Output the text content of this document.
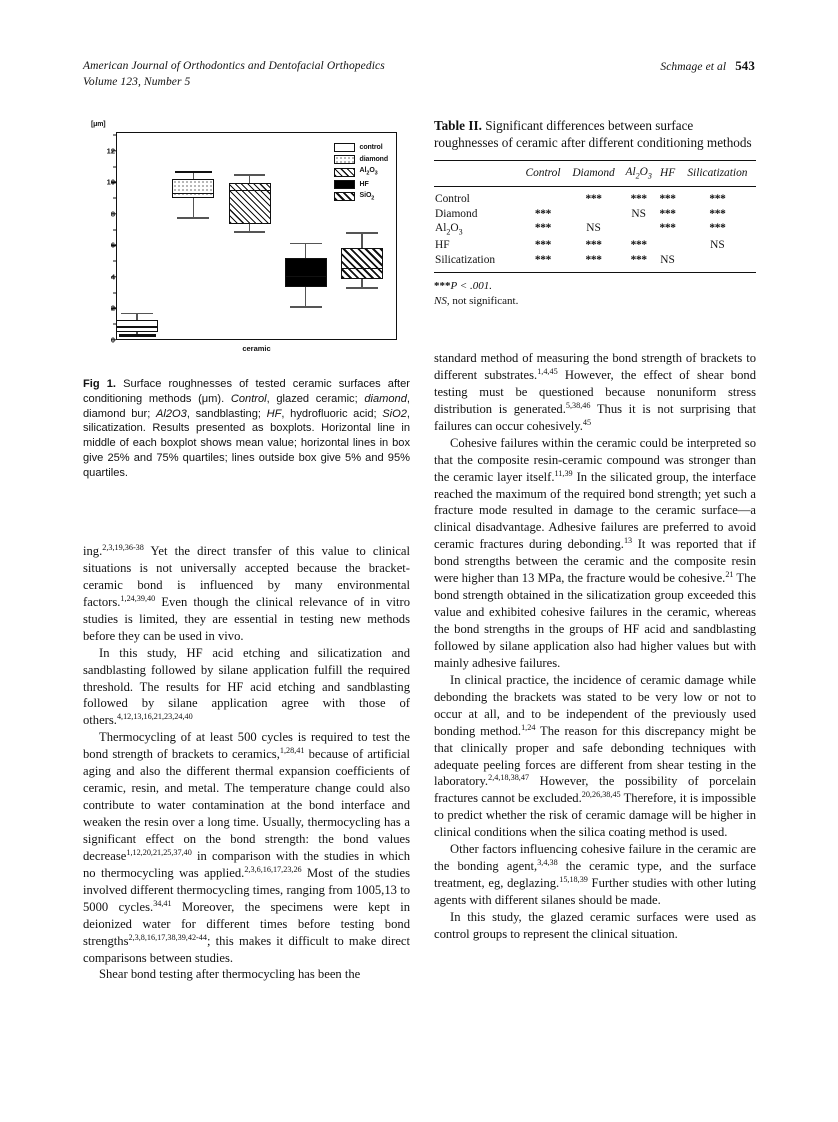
American Journal of Orthodontics and Dentofacial Orthopedics
Volume 123, Number 5
Schmage et al 543
[μm]
0
2
4
6
8
10
12	control
diamond
$Al_2O_3$
HF
SiO$_2$
ceramic
Fig 1. Surface roughnesses of tested ceramic surfaces after conditioning methods (μm). Control, glazed ceramic; diamond, diamond bur; Al2O3, sandblasting; HF, hydrofluoric acid; SiO2, silicatization. Results presented as boxplots. Horizontal line in middle of each boxplot shows mean value; horizontal lines in box give 25% and 75% quartiles; lines outside box give 5% and 95% quartiles.

ing.$^{2,3,19,36-38}$ Yet the direct transfer of this value to clinical situations is not universally accepted because the bracket-ceramic bond is influenced by many environmental factors.$^{1,24,39,40}$ Even though the clinical relevance of in vitro studies is limited, they are essential in testing new methods before they can be used in vivo.

In this study, HF acid etching and silicatization and sandblasting followed by silane application fulfill the required threshold. The results for HF acid etching and sandblasting followed by silane application agree with those of others.$^{4,12,13,16,21,23,24,40}$

Thermocycling of at least 500 cycles is required to test the bond strength of brackets to ceramics,$^{1,28,41}$ because of artificial aging and also the different thermal expansion coefficients of ceramic, resin, and metal. The temperature change could also contribute to water contamination at the bond interface and weaken the resin over a long time. Usually, thermocycling has a significant effect on the bond strength: the bond values decrease$^{1,12,20,21,25,37,40}$ in comparison with the studies in which no thermocycling was applied.$^{2,3,6,16,17,23,26}$ Most of the studies involved different thermocycling times, ranging from 1005,13 to 5000 cycles.$^{34,41}$ Moreover, the specimens were kept in deionized water for different times before testing bond strengths$^{2,3,8,16,17,38,39,42-44}$; this makes it difficult to make direct comparisons between studies.

Shear bond testing after thermocycling has been the

Table II. Significant differences between surface roughnesses of ceramic after different conditioning methods
	Control	Diamond	$Al_2O_3$	HF	Silicatization
Control		***	***	***	***
Diamond	***		NS	***	***
$Al_2O_3$	***	NS		***	***
HF	***	***	***		NS
Silicatization	***	***	***	NS	
***P < .001.
NS, not significant.

standard method of measuring the bond strength of brackets to different substrates.$^{1,4,45}$ However, the effect of shear bond testing must be questioned because nonuniform stress distribution is generated.$^{5,38,46}$ Thus it is not surprising that failures can occur cohesively.$^{45}$

Cohesive failures within the ceramic could be interpreted so that the composite resin-ceramic compound was stronger than the ceramic layer itself.$^{11,39}$ In the silicated group, the interface reached the maximum of the required bond strength; yet such a fracture mode resulted in damage to the ceramic surface—a clinical disadvantage. Adhesive failures are preferred to avoid ceramic fractures during debonding.$^{13}$ It was reported that if bond strengths between the ceramic and the composite resin were higher than 13 MPa, the fracture would be cohesive.$^{21}$ The bond strength obtained in the silicatization group exceeded this value and exhibited cohesive failures in the ceramic, whereas the bond strengths in the groups of HF acid and sandblasting followed by silane application also had higher values but with mainly adhesive failures.

In clinical practice, the incidence of ceramic damage while debonding the brackets was stated to be very low or not to occur at all, and to be independent of the previously used bonding method.$^{1,24}$ The reason for this discrepancy might be that clinically proper and safe debonding techniques with adequate peeling forces are different from shear testing in the laboratory.$^{2,4,18,38,47}$ However, the possibility of porcelain fractures cannot be excluded.$^{20,26,38,45}$ Therefore, it is impossible to predict whether the risk of ceramic damage will be higher in clinical conditions when the silica coating method is used.

Other factors influencing cohesive failure in the ceramic are the bonding agent,$^{3,4,38}$ the ceramic type, and the surface treatment, eg, deglazing.$^{15,18,39}$ Further studies with other luting agents with different silanes should be made.

In this study, the glazed ceramic surfaces were used as control groups to represent the clinical situation.
